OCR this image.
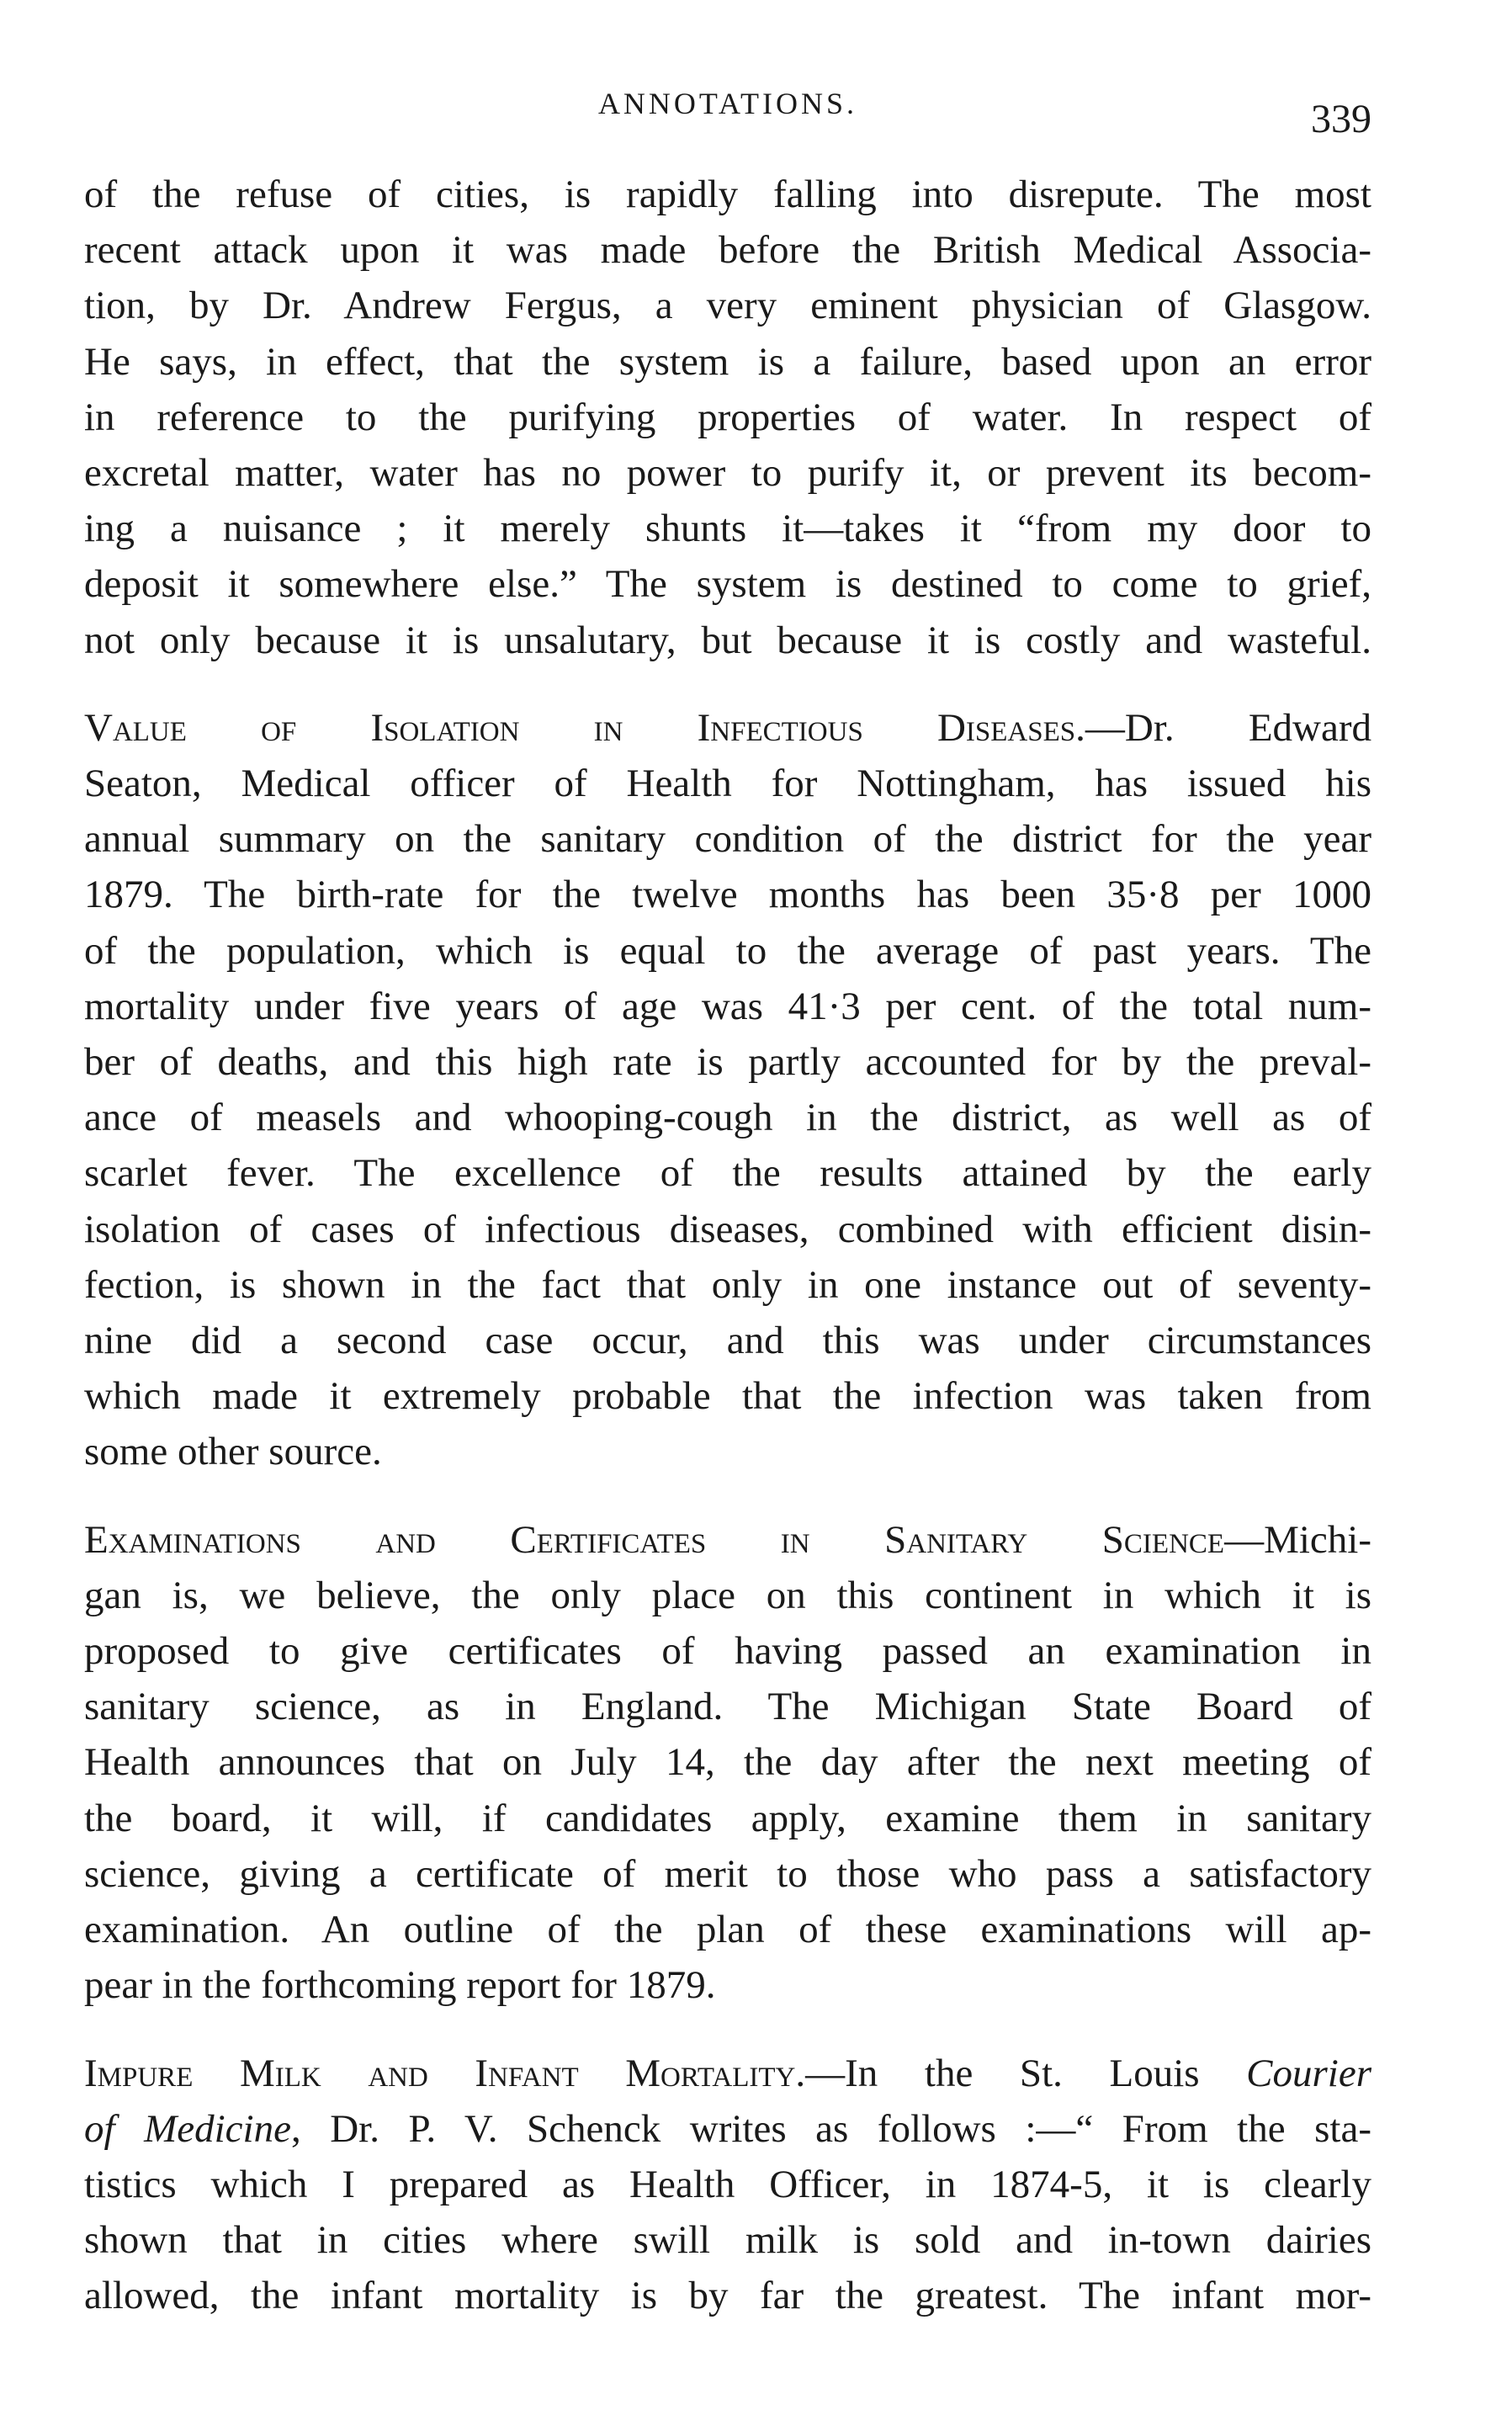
ANNOTATIONS.	339
of the refuse of cities, is rapidly falling into disrepute. The most
recent attack upon it was made before the British Medical Associa-
tion, by Dr. Andrew Fergus, a very eminent physician of Glasgow.
He says, in effect, that the system is a failure, based upon an error
in reference to the purifying properties of water. In respect of
excretal matter, water has no power to purify it, or prevent its becom-
ing a nuisance ; it merely shunts it—takes it “from my door to
deposit it somewhere else.” The system is destined to come to grief,
not only because it is unsalutary, but because it is costly and wasteful.
Value of Isolation in Infectious Diseases.—Dr. Edward
Seaton, Medical officer of Health for Nottingham, has issued his
annual summary on the sanitary condition of the district for the year
1879. The birth-rate for the twelve months has been 35·8 per 1000
of the population, which is equal to the average of past years. The
mortality under five years of age was 41·3 per cent. of the total num-
ber of deaths, and this high rate is partly accounted for by the preval-
ance of measels and whooping-cough in the district, as well as of
scarlet fever. The excellence of the results attained by the early
isolation of cases of infectious diseases, combined with efficient disin-
fection, is shown in the fact that only in one instance out of seventy-
nine did a second case occur, and this was under circumstances
which made it extremely probable that the infection was taken from
some other source.
Examinations and Certificates in Sanitary Science—Michi-
gan is, we believe, the only place on this continent in which it is
proposed to give certificates of having passed an examination in
sanitary science, as in England. The Michigan State Board of
Health announces that on July 14, the day after the next meeting of
the board, it will, if candidates apply, examine them in sanitary
science, giving a certificate of merit to those who pass a satisfactory
examination. An outline of the plan of these examinations will ap-
pear in the forthcoming report for 1879.
Impure Milk and Infant Mortality.—In the St. Louis Courier
of Medicine, Dr. P. V. Schenck writes as follows :—“ From the sta-
tistics which I prepared as Health Officer, in 1874-5, it is clearly
shown that in cities where swill milk is sold and in-town dairies
allowed, the infant mortality is by far the greatest. The infant mor-
